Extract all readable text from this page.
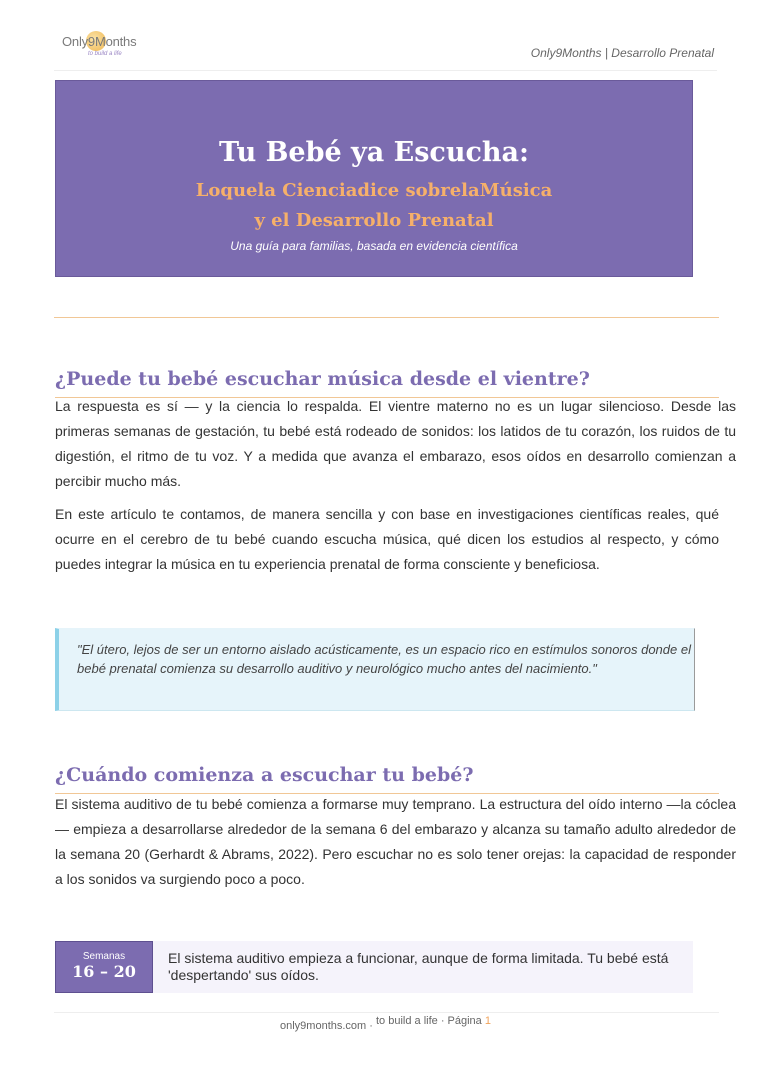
Only9Months
to build a life	Only9Months | Desarrollo Prenatal
Tu Bebé ya Escucha:
Loquela Cienciadice sobrelaMúsica
y el Desarrollo Prenatal
Una guía para familias, basada en evidencia científica
¿Puede tu bebé escuchar música desde el vientre?

La respuesta es sí — y la ciencia lo respalda. El vientre materno no es un lugar silencioso. Desde las primeras semanas de gestación, tu bebé está rodeado de sonidos: los latidos de tu corazón, los ruidos de tu digestión, el ritmo de tu voz. Y a medida que avanza el embarazo, esos oídos en desarrollo comienzan a percibir mucho más.

En este artículo te contamos, de manera sencilla y con base en investigaciones científicas reales, qué ocurre en el cerebro de tu bebé cuando escucha música, qué dicen los estudios al respecto, y cómo puedes integrar la música en tu experiencia prenatal de forma consciente y beneficiosa.

"El útero, lejos de ser un entorno aislado acústicamente, es un espacio rico en estímulos sonoros donde el bebé prenatal comienza su desarrollo auditivo y neurológico mucho antes del nacimiento."
¿Cuándo comienza a escuchar tu bebé?

El sistema auditivo de tu bebé comienza a formarse muy temprano. La estructura del oído interno —la cóclea— empieza a desarrollarse alrededor de la semana 6 del embarazo y alcanza su tamaño adulto alrededor de la semana 20 (Gerhardt & Abrams, 2022). Pero escuchar no es solo tener orejas: la capacidad de responder a los sonidos va surgiendo poco a poco.

Semanas
16 – 20
El sistema auditivo empieza a funcionar, aunque de forma limitada. Tu bebé está 'despertando' sus oídos.
only9months.com · to build a life · Página 1
